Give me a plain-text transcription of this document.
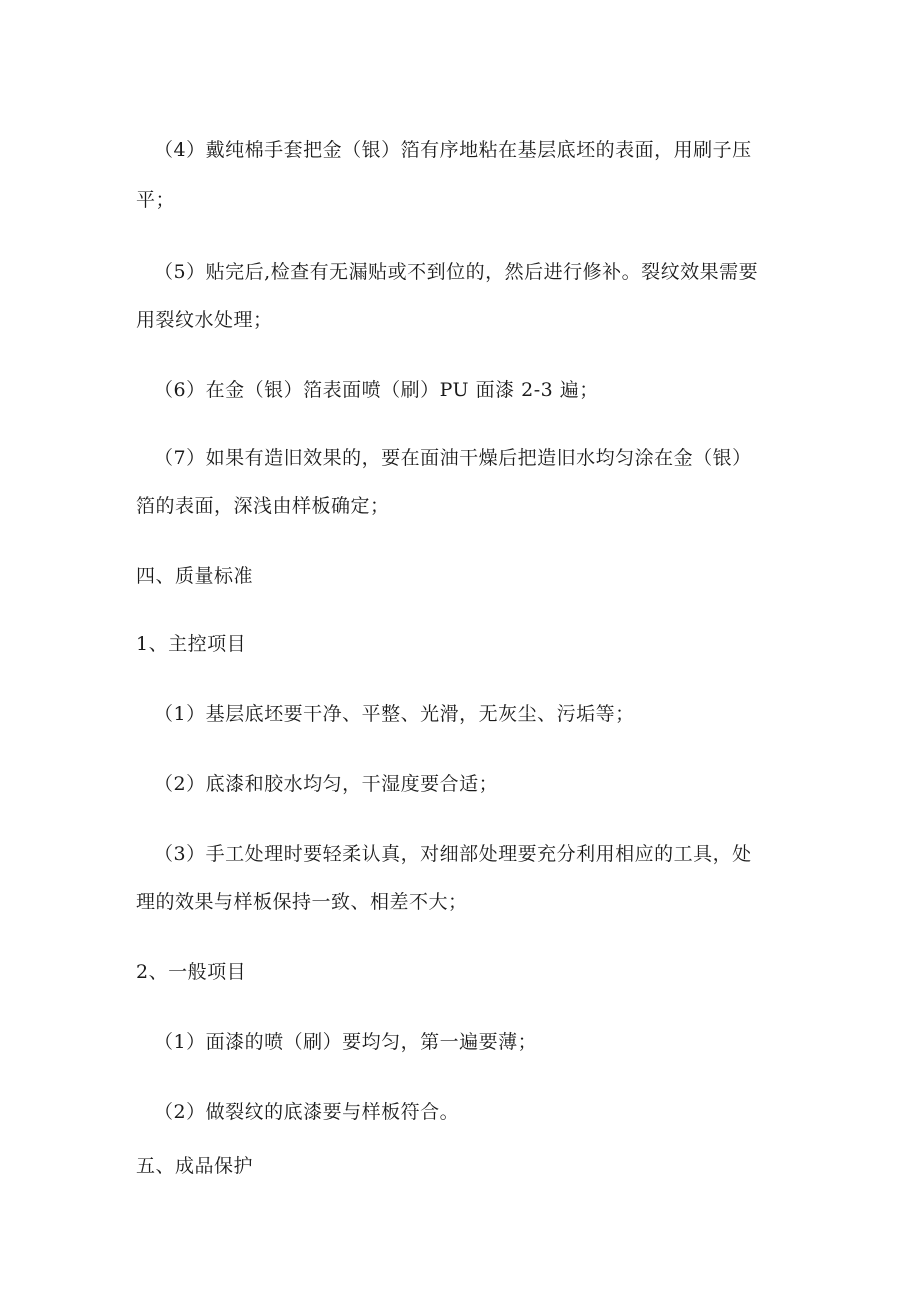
（4）戴纯棉手套把金（银）箔有序地粘在基层底坯的表面，用刷子压
平；
（5）贴完后,检查有无漏贴或不到位的，然后进行修补。裂纹效果需要
用裂纹水处理；
（6）在金（银）箔表面喷（刷）PU 面漆 2-3 遍；
（7）如果有造旧效果的，要在面油干燥后把造旧水均匀涂在金（银）
箔的表面，深浅由样板确定；
四、质量标准
1、主控项目
（1）基层底坯要干净、平整、光滑，无灰尘、污垢等；
（2）底漆和胶水均匀，干湿度要合适；
（3）手工处理时要轻柔认真，对细部处理要充分利用相应的工具，处
理的效果与样板保持一致、相差不大；
2、一般项目
（1）面漆的喷（刷）要均匀，第一遍要薄；
（2）做裂纹的底漆要与样板符合。
五、成品保护
